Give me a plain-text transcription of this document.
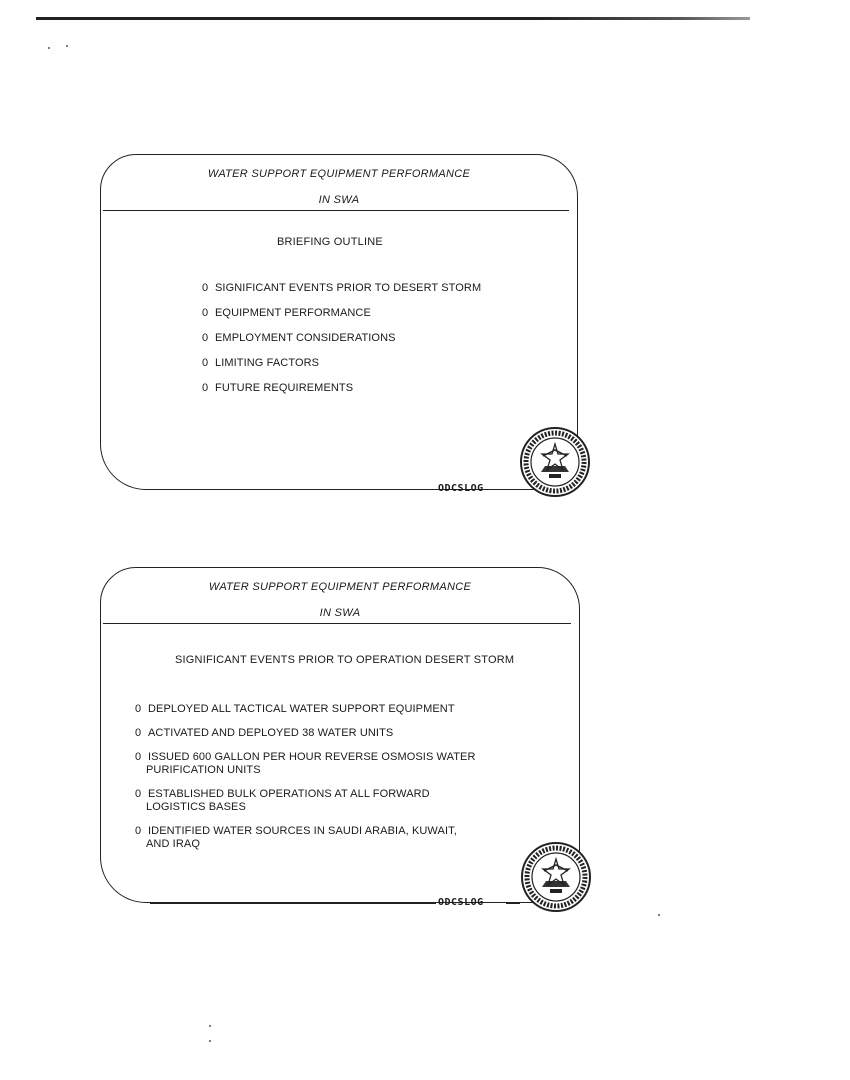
WATER SUPPORT EQUIPMENT PERFORMANCE
IN SWA
BRIEFING OUTLINE
0 SIGNIFICANT EVENTS PRIOR TO DESERT STORM
0 EQUIPMENT PERFORMANCE
0 EMPLOYMENT CONSIDERATIONS
0 LIMITING FACTORS
0 FUTURE REQUIREMENTS
ODCSLOG
WATER SUPPORT EQUIPMENT PERFORMANCE
IN SWA
SIGNIFICANT EVENTS PRIOR TO OPERATION DESERT STORM
0 DEPLOYED ALL TACTICAL WATER SUPPORT EQUIPMENT
0 ACTIVATED AND DEPLOYED 38 WATER UNITS
0 ISSUED 600 GALLON PER HOUR REVERSE OSMOSIS WATER
PURIFICATION UNITS
0 ESTABLISHED BULK OPERATIONS AT ALL FORWARD
LOGISTICS BASES
0 IDENTIFIED WATER SOURCES IN SAUDI ARABIA, KUWAIT,
AND IRAQ
ODCSLOG
